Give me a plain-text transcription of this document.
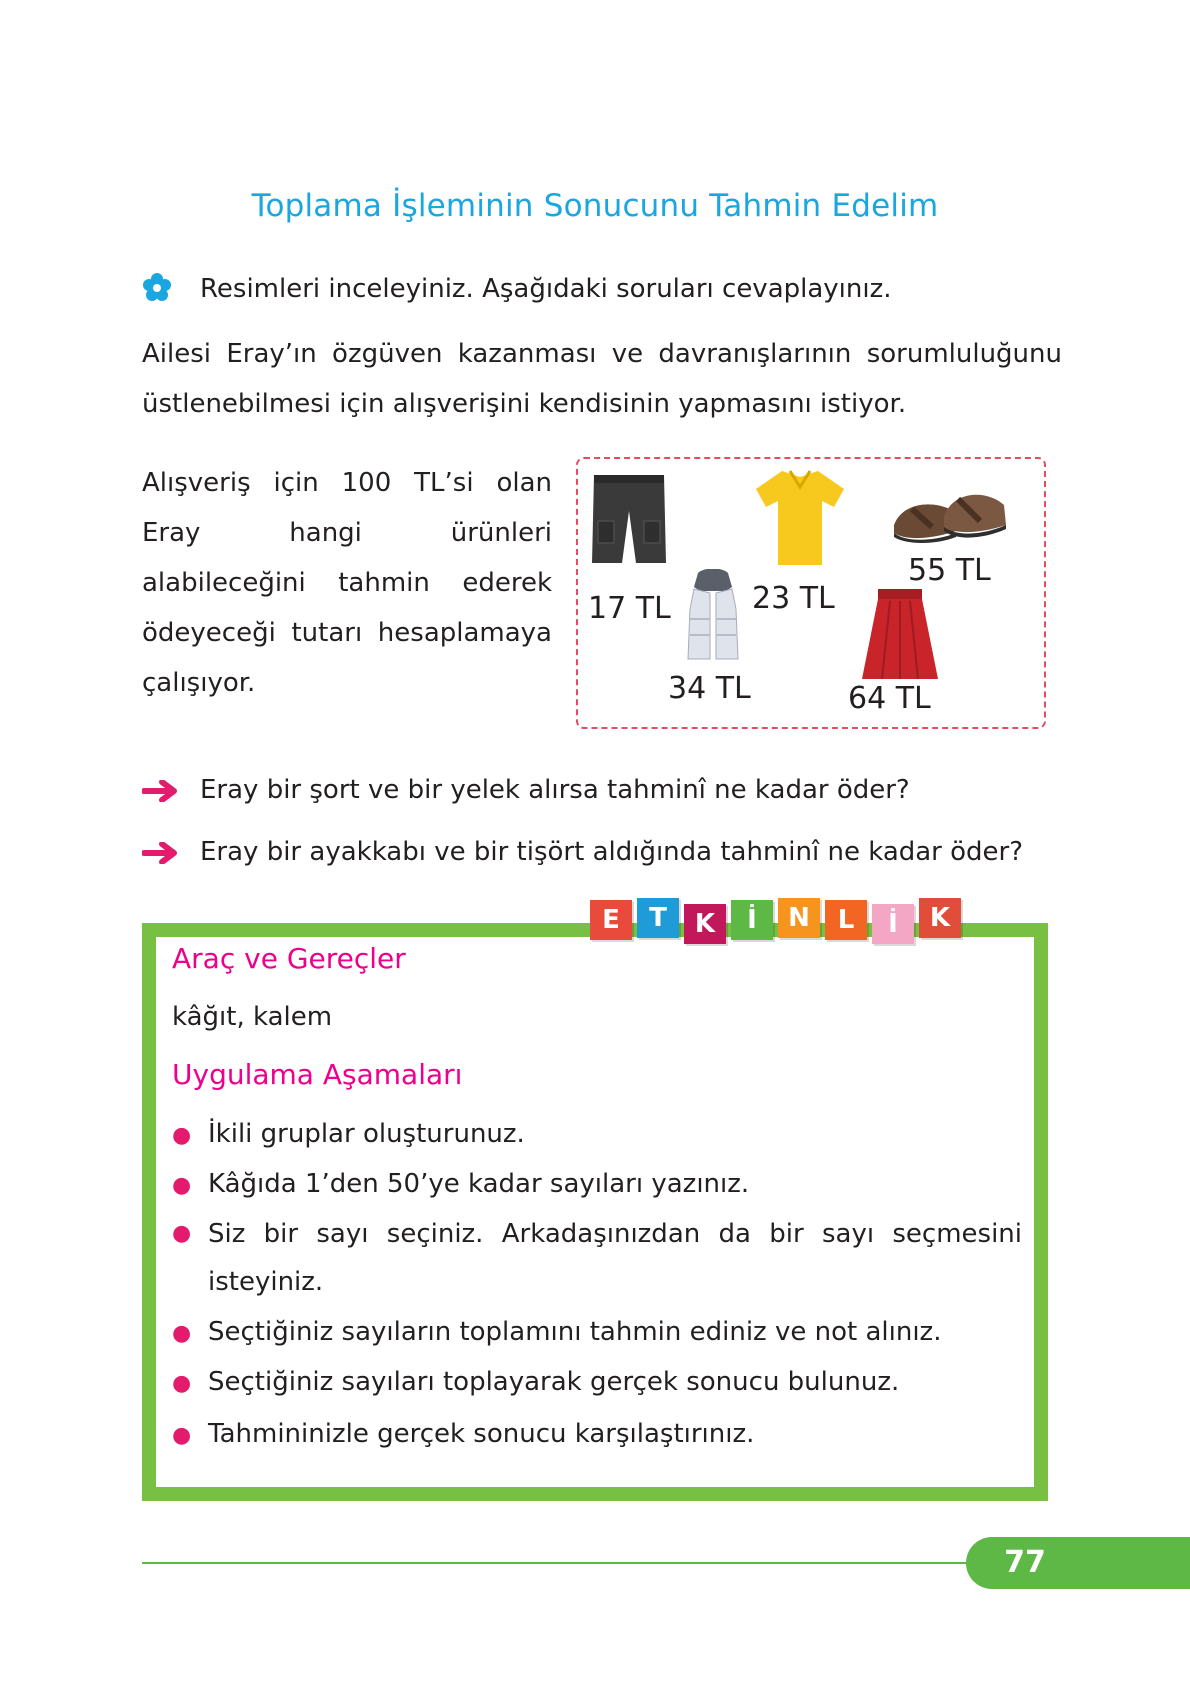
Toplama İşleminin Sonucunu Tahmin Edelim
Resimleri inceleyiniz. Aşağıdaki soruları cevaplayınız.
Ailesi Eray’ın özgüven kazanması ve davranışlarının sorumluluğunu üstlenebilmesi için alışverişini kendisinin yapmasını istiyor.
Alışveriş için 100 TL’si olan Eray hangi ürünleri alabileceğini tahmin ederek ödeyeceği tutarı hesaplamaya çalışıyor.
17 TL	23 TL
55 TL
34 TL	64 TL
Eray bir şort ve bir yelek alırsa tahminî ne kadar öder?
Eray bir ayakkabı ve bir tişört aldığında tahminî ne kadar öder?
E	T	K	İ	N	L	İ	K
Araç ve Gereçler
kâğıt, kalem
Uygulama Aşamaları
● İkili gruplar oluşturunuz.
● Kâğıda 1’den 50’ye kadar sayıları yazınız.
● Siz bir sayı seçiniz. Arkadaşınızdan da bir sayı seçmesini isteyiniz.
● Seçtiğiniz sayıların toplamını tahmin ediniz ve not alınız.
● Seçtiğiniz sayıları toplayarak gerçek sonucu bulunuz.
● Tahmininizle gerçek sonucu karşılaştırınız.
77
